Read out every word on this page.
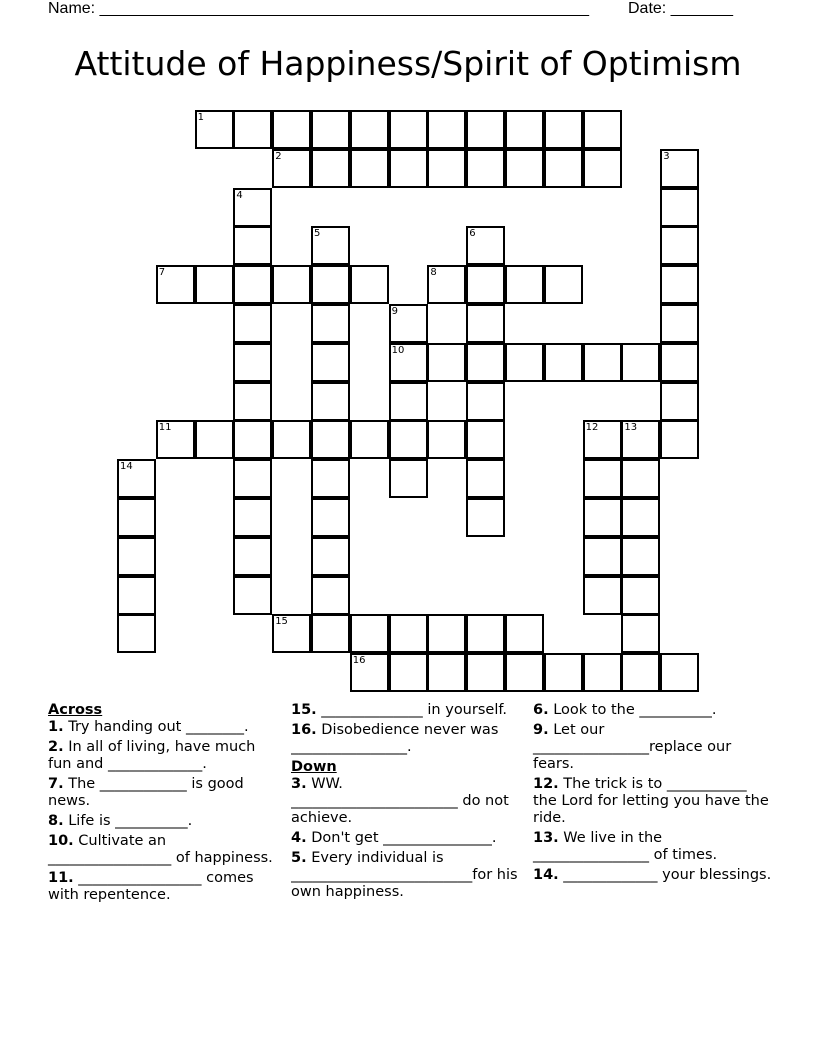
Name: _______________________________________________________ Date: _______
Attitude of Happiness/Spirit of Optimism
1
2	3
4
5	6
7	8
9
10
11	12	13
14
15
16
Across
1. Try handing out ________.
2. In all of living, have much fun and _____________.
7. The ____________ is good news.
8. Life is __________.
10. Cultivate an _________________ of happiness.
11. _________________ comes with repentence.
15. ______________ in yourself.
16. Disobedience never was ________________.
Down
3. WW.
_______________________ do not achieve.
4. Don't get _______________.
5. Every individual is
_________________________for his own happiness.
6. Look to the __________.
9. Let our ________________replace our fears.
12. The trick is to ___________ the Lord for letting you have the ride.
13. We live in the ________________ of times.
14. _____________ your blessings.
